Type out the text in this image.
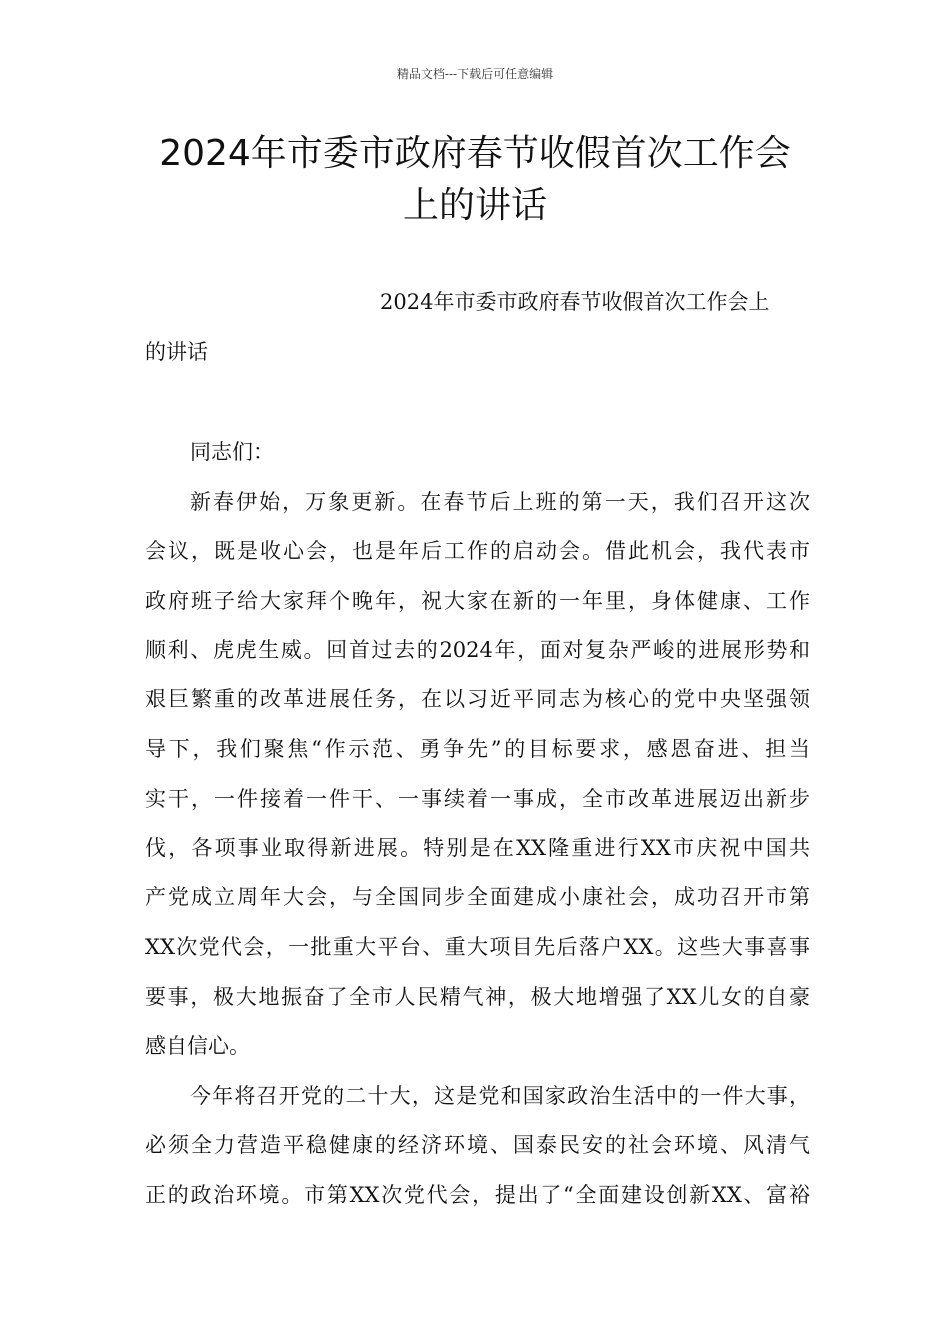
精品文档---下载后可任意编辑
2024年市委市政府春节收假首次工作会
上的讲话
2024年市委市政府春节收假首次工作会上
的讲话
同志们：
新春伊始，万象更新。在春节后上班的第一天，我们召开这次
会议，既是收心会，也是年后工作的启动会。借此机会，我代表市
政府班子给大家拜个晚年，祝大家在新的一年里，身体健康、工作
顺利、虎虎生威。回首过去的2024年，面对复杂严峻的进展形势和
艰巨繁重的改革进展任务，在以习近平同志为核心的党中央坚强领
导下，我们聚焦“作示范、勇争先”的目标要求，感恩奋进、担当
实干，一件接着一件干、一事续着一事成，全市改革进展迈出新步
伐，各项事业取得新进展。特别是在XX隆重进行XX市庆祝中国共
产党成立周年大会，与全国同步全面建成小康社会，成功召开市第
XX次党代会，一批重大平台、重大项目先后落户XX。这些大事喜事
要事，极大地振奋了全市人民精气神，极大地增强了XX儿女的自豪
感自信心。
今年将召开党的二十大，这是党和国家政治生活中的一件大事，
必须全力营造平稳健康的经济环境、国泰民安的社会环境、风清气
正的政治环境。市第XX次党代会，提出了“全面建设创新XX、富裕
